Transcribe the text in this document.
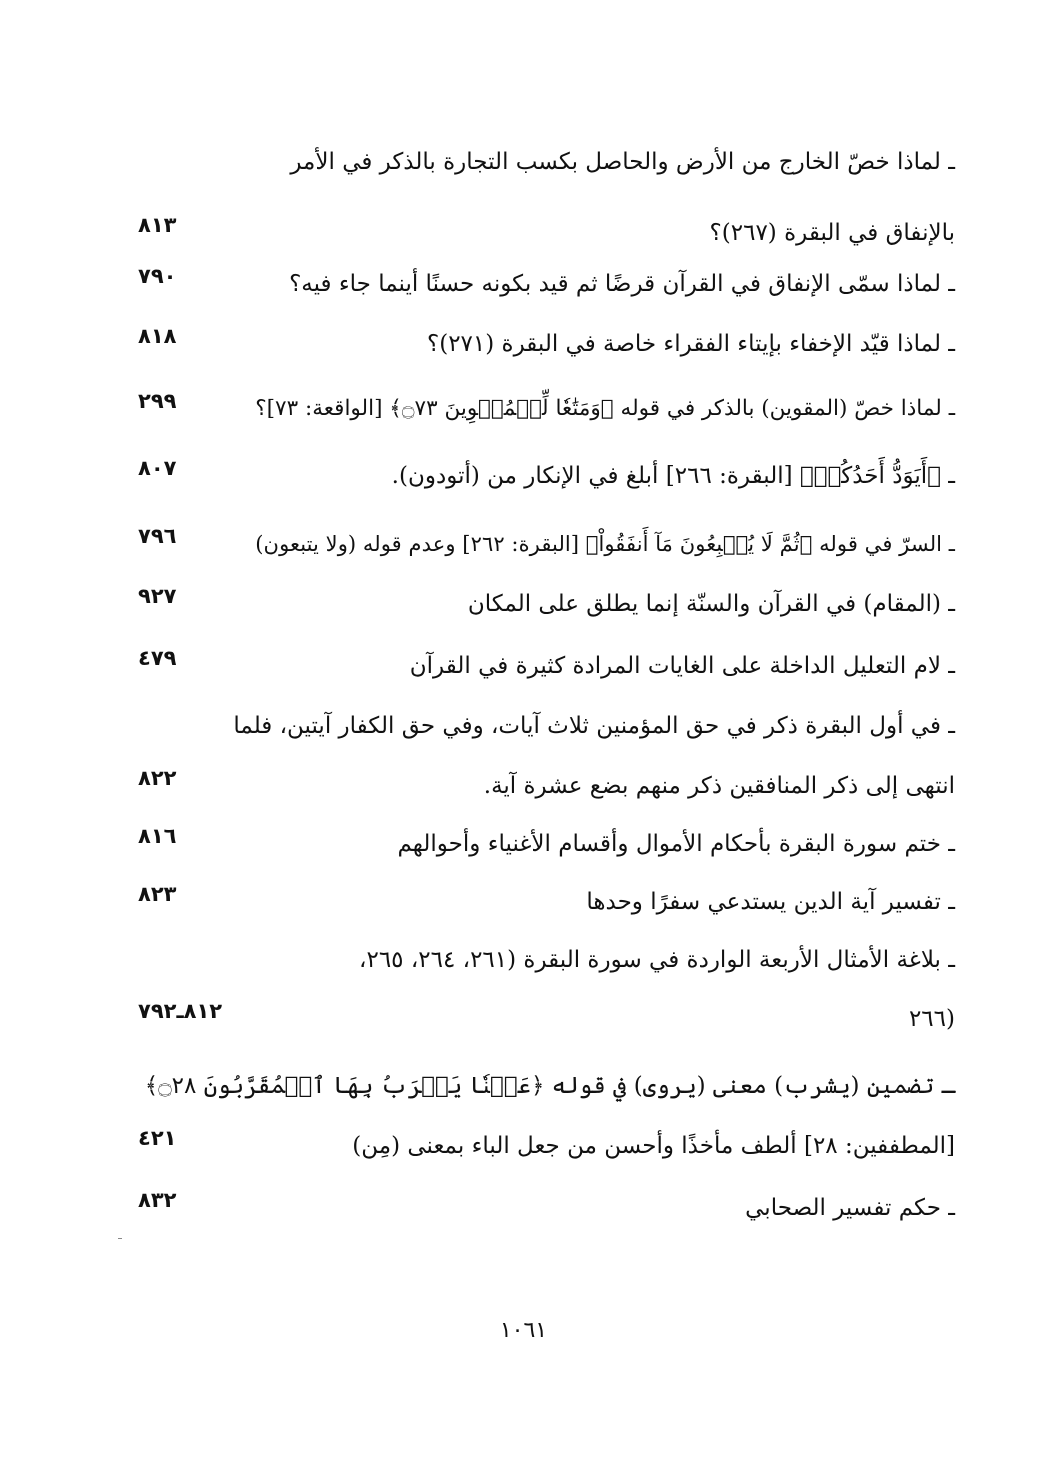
ـ لماذا خصّ الخارج من الأرض والحاصل بكسب التجارة بالذكر في الأمر
بالإنفاق في البقرة (٢٦٧)؟
٨١٣
ـ لماذا سمّى الإنفاق في القرآن قرضًا ثم قيد بكونه حسنًا أينما جاء فيه؟
٧٩٠
ـ لماذا قيّد الإخفاء بإيتاء الفقراء خاصة في البقرة (٢٧١)؟
٨١٨
ـ لماذا خصّ (المقوين) بالذكر في قوله ﴿وَمَتَٰعٗا لِّلۡمُقۡوِينَ ۝٧٣﴾ [الواقعة: ٧٣]؟
٢٩٩
ـ ﴿أَيَوَدُّ أَحَدُكُمۡ﴾ [البقرة: ٢٦٦] أبلغ في الإنكار من (أتودون).
٨٠٧
ـ السرّ في قوله ﴿ثُمَّ لَا يُتۡبِعُونَ مَآ أَنفَقُواْ﴾ [البقرة: ٢٦٢] وعدم قوله (ولا يتبعون)
٧٩٦
ـ (المقام) في القرآن والسنّة إنما يطلق على المكان
٩٢٧
ـ لام التعليل الداخلة على الغايات المرادة كثيرة في القرآن
٤٧٩
ـ في أول البقرة ذكر في حق المؤمنين ثلاث آيات، وفي حق الكفار آيتين، فلما
انتهى إلى ذكر المنافقين ذكر منهم بضع عشرة آية.
٨٢٢
ـ ختم سورة البقرة بأحكام الأموال وأقسام الأغنياء وأحوالهم
٨١٦
ـ تفسير آية الدين يستدعي سفرًا وحدها
٨٢٣
ـ بلاغة الأمثال الأربعة الواردة في سورة البقرة (٢٦١، ٢٦٤، ٢٦٥،
(٢٦٦
٨١٢ـ٧٩٢
ـ تضمين (يشرب) معنى (يروى) في قوله ﴿عَيۡنٗا يَشۡرَبُ بِهَا ٱلۡمُقَرَّبُونَ ۝٢٨﴾
[المطففين: ٢٨] ألطف مأخذًا وأحسن من جعل الباء بمعنى (مِن)
٤٢١
ـ حكم تفسير الصحابي
٨٣٢
١٠٦١
